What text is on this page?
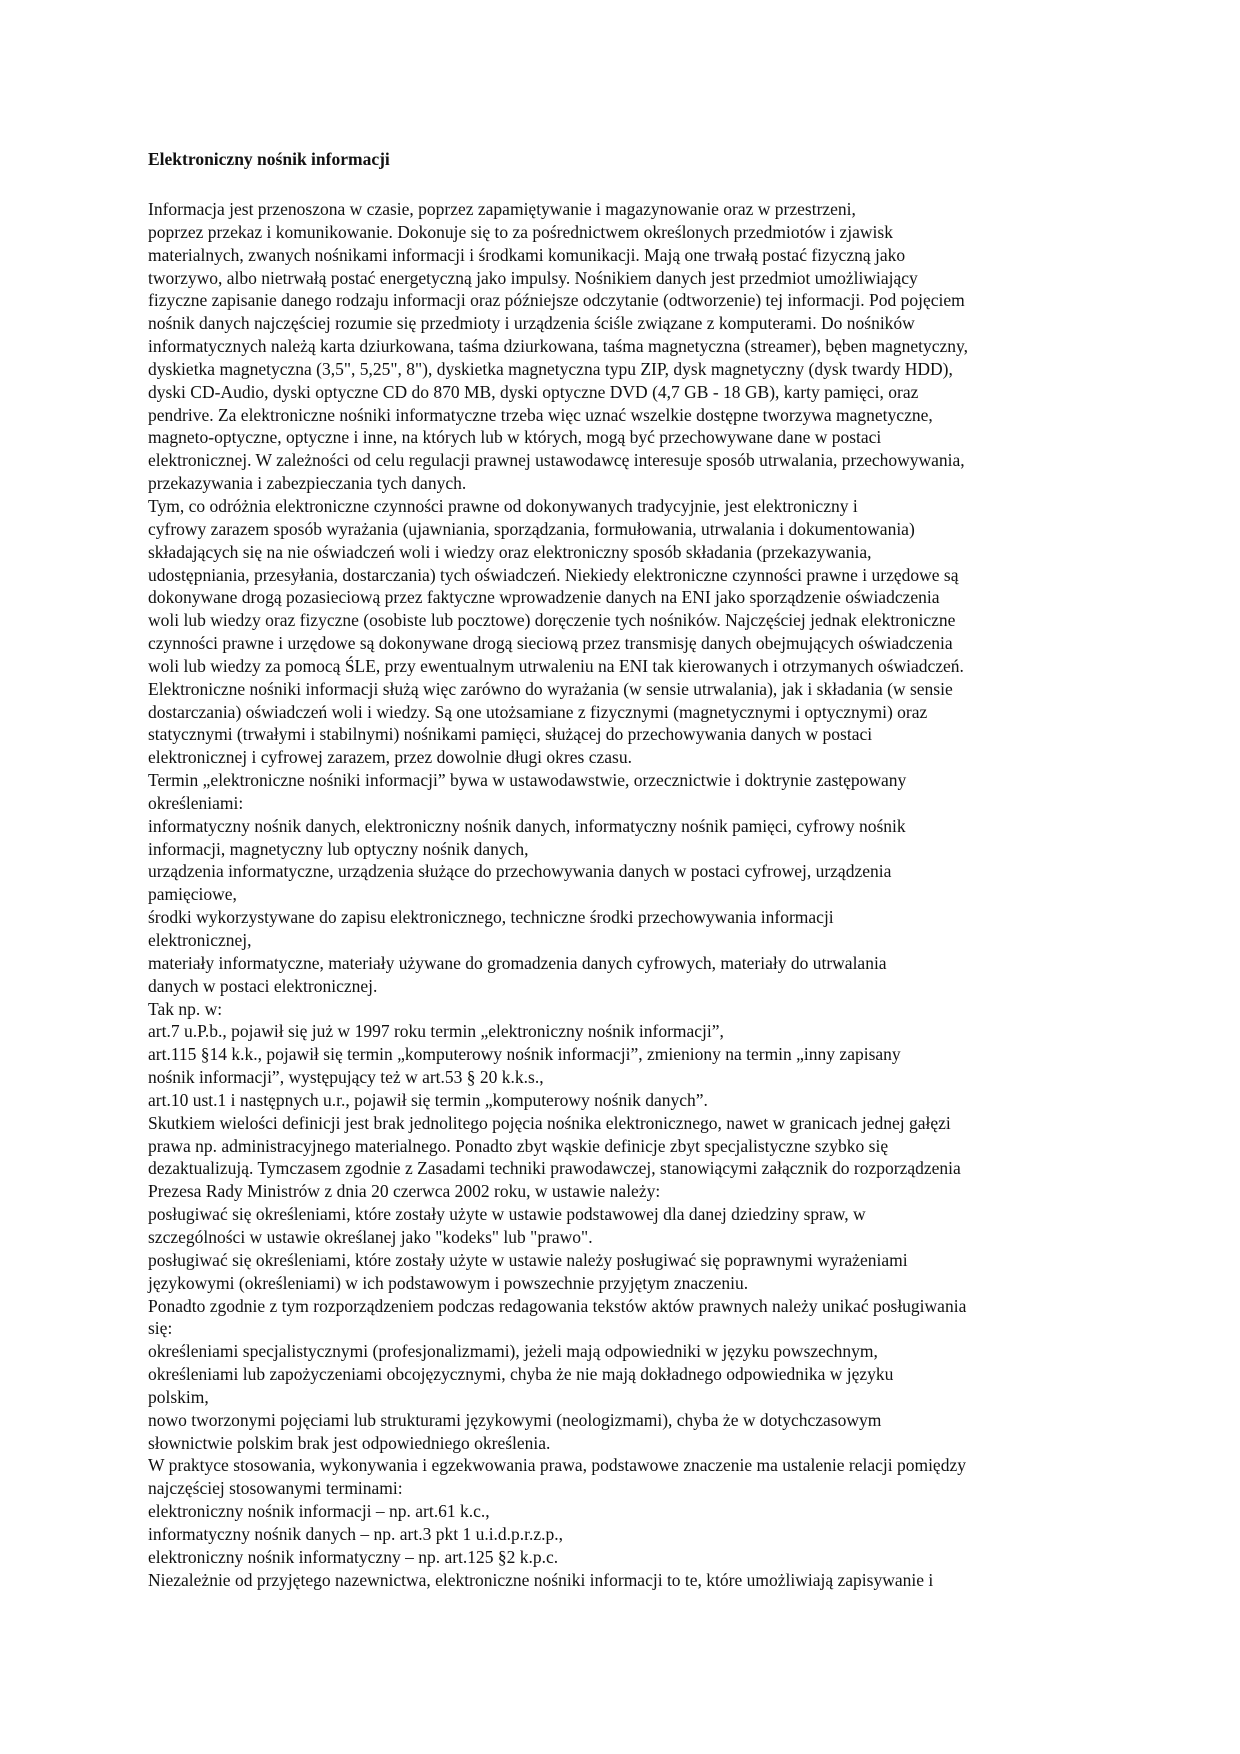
Elektroniczny nośnik informacji
Informacja jest przenoszona w czasie, poprzez zapamiętywanie i magazynowanie oraz w przestrzeni,
poprzez przekaz i komunikowanie. Dokonuje się to za pośrednictwem określonych przedmiotów i zjawisk
materialnych, zwanych nośnikami informacji i środkami komunikacji. Mają one trwałą postać fizyczną jako
tworzywo, albo nietrwałą postać energetyczną jako impulsy. Nośnikiem danych jest przedmiot umożliwiający
fizyczne zapisanie danego rodzaju informacji oraz późniejsze odczytanie (odtworzenie) tej informacji. Pod pojęciem
nośnik danych najczęściej rozumie się przedmioty i urządzenia ściśle związane z komputerami. Do nośników
informatycznych należą karta dziurkowana, taśma dziurkowana, taśma magnetyczna (streamer), bęben magnetyczny,
dyskietka magnetyczna (3,5", 5,25", 8"), dyskietka magnetyczna typu ZIP, dysk magnetyczny (dysk twardy HDD),
dyski CD-Audio, dyski optyczne CD do 870 MB, dyski optyczne DVD (4,7 GB - 18 GB), karty pamięci, oraz
pendrive. Za elektroniczne nośniki informatyczne trzeba więc uznać wszelkie dostępne tworzywa magnetyczne,
magneto-optyczne, optyczne i inne, na których lub w których, mogą być przechowywane dane w postaci
elektronicznej. W zależności od celu regulacji prawnej ustawodawcę interesuje sposób utrwalania, przechowywania,
przekazywania i zabezpieczania tych danych.
Tym, co odróżnia elektroniczne czynności prawne od dokonywanych tradycyjnie, jest elektroniczny i
cyfrowy zarazem sposób wyrażania (ujawniania, sporządzania, formułowania, utrwalania i dokumentowania)
składających się na nie oświadczeń woli i wiedzy oraz elektroniczny sposób składania (przekazywania,
udostępniania, przesyłania, dostarczania) tych oświadczeń. Niekiedy elektroniczne czynności prawne i urzędowe są
dokonywane drogą pozasieciową przez faktyczne wprowadzenie danych na ENI jako sporządzenie oświadczenia
woli lub wiedzy oraz fizyczne (osobiste lub pocztowe) doręczenie tych nośników. Najczęściej jednak elektroniczne
czynności prawne i urzędowe są dokonywane drogą sieciową przez transmisję danych obejmujących oświadczenia
woli lub wiedzy za pomocą ŚLE, przy ewentualnym utrwaleniu na ENI tak kierowanych i otrzymanych oświadczeń.
Elektroniczne nośniki informacji służą więc zarówno do wyrażania (w sensie utrwalania), jak i składania (w sensie
dostarczania) oświadczeń woli i wiedzy. Są one utożsamiane z fizycznymi (magnetycznymi i optycznymi) oraz
statycznymi (trwałymi i stabilnymi) nośnikami pamięci, służącej do przechowywania danych w postaci
elektronicznej i cyfrowej zarazem, przez dowolnie długi okres czasu.
Termin „elektroniczne nośniki informacji” bywa w ustawodawstwie, orzecznictwie i doktrynie zastępowany
określeniami:
informatyczny nośnik danych, elektroniczny nośnik danych, informatyczny nośnik pamięci, cyfrowy nośnik
informacji, magnetyczny lub optyczny nośnik danych,
urządzenia informatyczne, urządzenia służące do przechowywania danych w postaci cyfrowej, urządzenia
pamięciowe,
środki wykorzystywane do zapisu elektronicznego, techniczne środki przechowywania informacji
elektronicznej,
materiały informatyczne, materiały używane do gromadzenia danych cyfrowych, materiały do utrwalania
danych w postaci elektronicznej.
Tak np. w:
art.7 u.P.b., pojawił się już w 1997 roku termin „elektroniczny nośnik informacji”,
art.115 §14 k.k., pojawił się termin „komputerowy nośnik informacji”, zmieniony na termin „inny zapisany
nośnik informacji”, występujący też w art.53 § 20 k.k.s.,
art.10 ust.1 i następnych u.r., pojawił się termin „komputerowy nośnik danych”.
Skutkiem wielości definicji jest brak jednolitego pojęcia nośnika elektronicznego, nawet w granicach jednej gałęzi
prawa np. administracyjnego materialnego. Ponadto zbyt wąskie definicje zbyt specjalistyczne szybko się
dezaktualizują. Tymczasem zgodnie z Zasadami techniki prawodawczej, stanowiącymi załącznik do rozporządzenia
Prezesa Rady Ministrów z dnia 20 czerwca 2002 roku, w ustawie należy:
posługiwać się określeniami, które zostały użyte w ustawie podstawowej dla danej dziedziny spraw, w
szczególności w ustawie określanej jako "kodeks" lub "prawo".
posługiwać się określeniami, które zostały użyte w ustawie należy posługiwać się poprawnymi wyrażeniami
językowymi (określeniami) w ich podstawowym i powszechnie przyjętym znaczeniu.
Ponadto zgodnie z tym rozporządzeniem podczas redagowania tekstów aktów prawnych należy unikać posługiwania
się:
określeniami specjalistycznymi (profesjonalizmami), jeżeli mają odpowiedniki w języku powszechnym,
określeniami lub zapożyczeniami obcojęzycznymi, chyba że nie mają dokładnego odpowiednika w języku
polskim,
nowo tworzonymi pojęciami lub strukturami językowymi (neologizmami), chyba że w dotychczasowym
słownictwie polskim brak jest odpowiedniego określenia.
W praktyce stosowania, wykonywania i egzekwowania prawa, podstawowe znaczenie ma ustalenie relacji pomiędzy
najczęściej stosowanymi terminami:
elektroniczny nośnik informacji – np. art.61 k.c.,
informatyczny nośnik danych – np. art.3 pkt 1 u.i.d.p.r.z.p.,
elektroniczny nośnik informatyczny – np. art.125 §2 k.p.c.
Niezależnie od przyjętego nazewnictwa, elektroniczne nośniki informacji to te, które umożliwiają zapisywanie i
